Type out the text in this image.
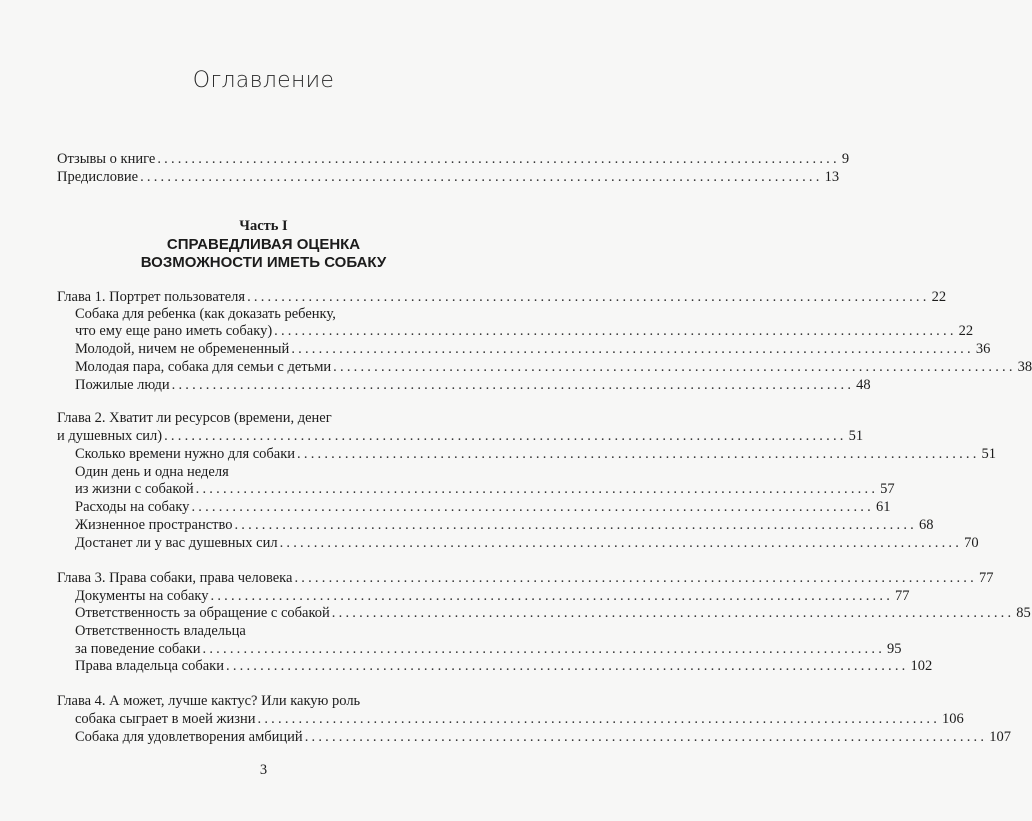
Оглавление
Отзывы о книге .................................................................................................... 9
Предисловие .................................................................................................... 13
Часть I
СПРАВЕДЛИВАЯ ОЦЕНКА
ВОЗМОЖНОСТИ ИМЕТЬ СОБАКУ
Глава 1. Портрет пользователя .................................................................................................... 22
Собака для ребенка (как доказать ребенку,
что ему еще рано иметь собаку) .................................................................................................... 22
Молодой, ничем не обремененный .................................................................................................... 36
Молодая пара, собака для семьи с детьми .................................................................................................... 38
Пожилые люди .................................................................................................... 48
Глава 2. Хватит ли ресурсов (времени, денег
и душевных сил) .................................................................................................... 51
Сколько времени нужно для собаки .................................................................................................... 51
Один день и одна неделя
из жизни с собакой .................................................................................................... 57
Расходы на собаку .................................................................................................... 61
Жизненное пространство .................................................................................................... 68
Достанет ли у вас душевных сил .................................................................................................... 70
Глава 3. Права собаки, права человека .................................................................................................... 77
Документы на собаку .................................................................................................... 77
Ответственность за обращение с собакой .................................................................................................... 85
Ответственность владельца
за поведение собаки .................................................................................................... 95
Права владельца собаки .................................................................................................... 102
Глава 4. А может, лучше кактус? Или какую роль
собака сыграет в моей жизни .................................................................................................... 106
Собака для удовлетворения амбиций .................................................................................................... 107
3
